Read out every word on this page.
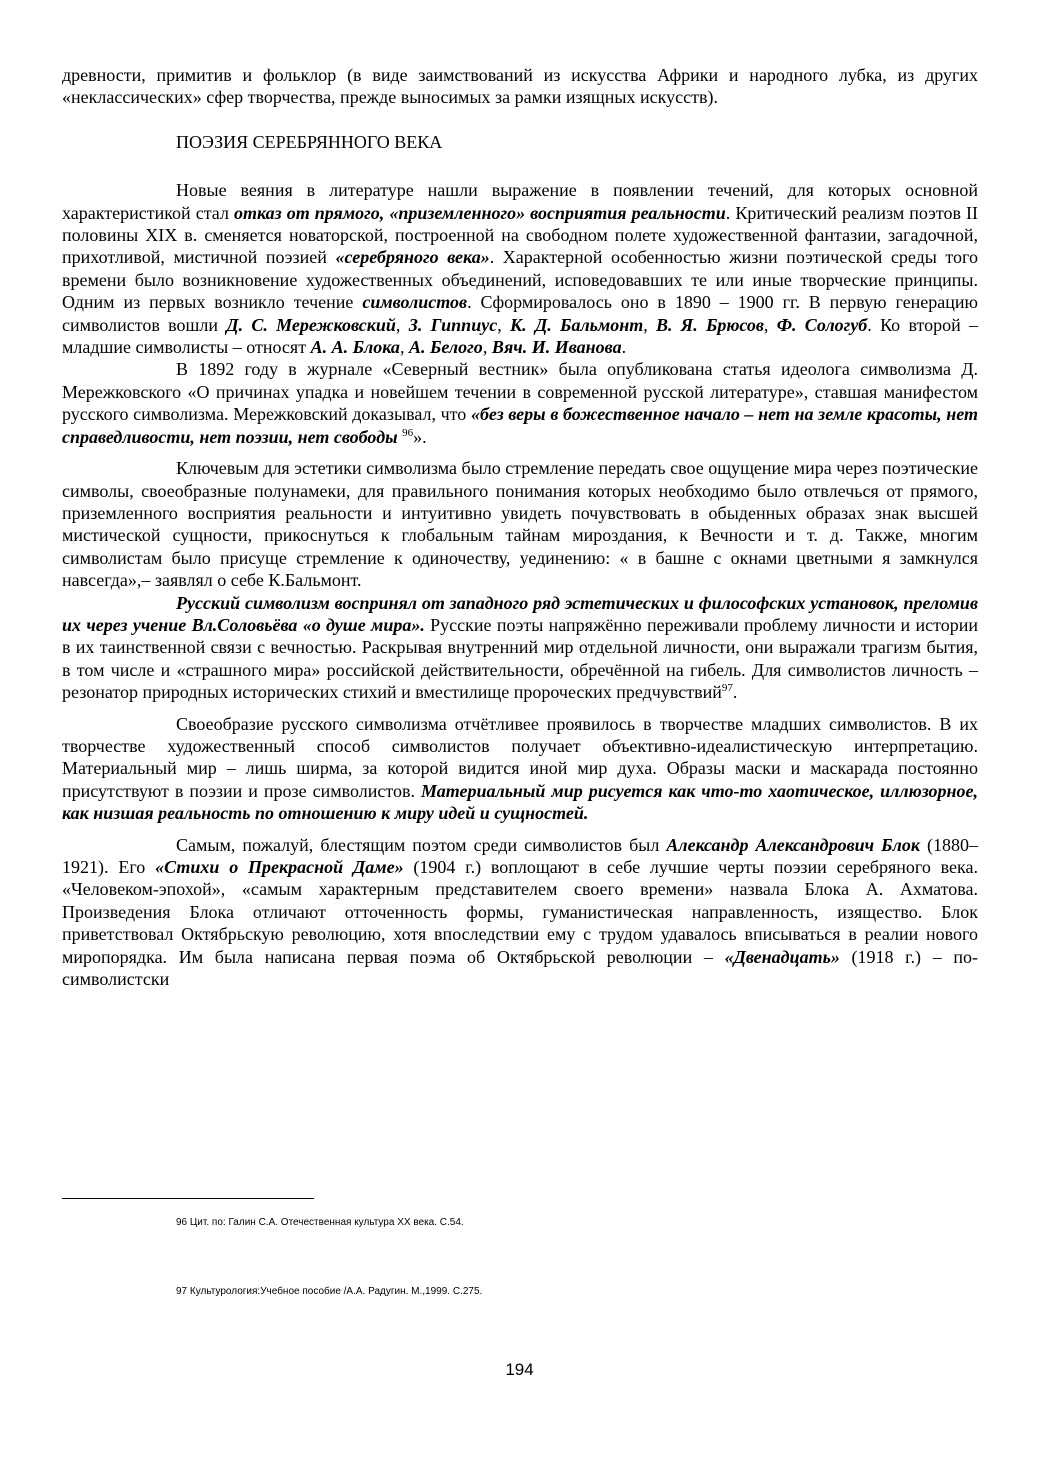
древности, примитив и фольклор (в виде заимствований из искусства Африки и народного лубка, из других «неклассических» сфер творчества, прежде выносимых за рамки изящных искусств).

ПОЭЗИЯ СЕРЕБРЯННОГО ВЕКА

Новые веяния в литературе нашли выражение в появлении течений, для которых основной характеристикой стал отказ от прямого, «приземленного» восприятия реальности. Критический реализм поэтов II половины XIX в. сменяется новаторской, построенной на свободном полете художественной фантазии, загадочной, прихотливой, мистичной поэзией «серебряного века». Характерной особенностью жизни поэтической среды того времени было возникновение художественных объединений, исповедовавших те или иные творческие принципы. Одним из первых возникло течение символистов. Сформировалось оно в 1890 – 1900 гг. В первую генерацию символистов вошли Д. С. Мережковский, З. Гиппиус, К. Д. Бальмонт, В. Я. Брюсов, Ф. Сологуб. Ко второй – младшие символисты – относят А. А. Блока, А. Белого, Вяч. И. Иванова.

В 1892 году в журнале «Северный вестник» была опубликована статья идеолога символизма Д. Мережковского «О причинах упадка и новейшем течении в современной русской литературе», ставшая манифестом русского символизма. Мережковский доказывал, что «без веры в божественное начало – нет на земле красоты, нет справедливости, нет поэзии, нет свободы $^{96}$».

Ключевым для эстетики символизма было стремление передать свое ощущение мира через поэтические символы, своеобразные полунамеки, для правильного понимания которых необходимо было отвлечься от прямого, приземленного восприятия реальности и интуитивно увидеть почувствовать в обыденных образах знак высшей мистической сущности, прикоснуться к глобальным тайнам мироздания, к Вечности и т. д. Также, многим символистам было присуще стремление к одиночеству, уединению: « в башне с окнами цветными я замкнулся навсегда»,– заявлял о себе К.Бальмонт.

Русский символизм воспринял от западного ряд эстетических и философских установок, преломив их через учение Вл.Соловьёва «о душе мира». Русские поэты напряжённо переживали проблему личности и истории в их таинственной связи с вечностью. Раскрывая внутренний мир отдельной личности, они выражали трагизм бытия, в том числе и «страшного мира» российской действительности, обречённой на гибель. Для символистов личность – резонатор природных исторических стихий и вместилище пророческих предчувствий$^{97}$.

Своеобразие русского символизма отчётливее проявилось в творчестве младших символистов. В их творчестве художественный способ символистов получает объективно-идеалистическую интерпретацию. Материальный мир – лишь ширма, за которой видится иной мир духа. Образы маски и маскарада постоянно присутствуют в поэзии и прозе символистов. Материальный мир рисуется как что-то хаотическое, иллюзорное, как низшая реальность по отношению к миру идей и сущностей.

Самым, пожалуй, блестящим поэтом среди символистов был Александр Александрович Блок (1880–1921). Его «Стихи о Прекрасной Даме» (1904 г.) воплощают в себе лучшие черты поэзии серебряного века. «Человеком-эпохой», «самым характерным представителем своего времени» назвала Блока А. Ахматова. Произведения Блока отличают отточенность формы, гуманистическая направленность, изящество. Блок приветствовал Октябрьскую революцию, хотя впоследствии ему с трудом удавалось вписываться в реалии нового миропорядка. Им была написана первая поэма об Октябрьской революции – «Двенадцать» (1918 г.) – по-символистски

96 Цит. по: Галин С.А. Отечественная культура XX века. С.54.
97 Культурология:Учебное пособие /А.А. Радугин. М.,1999. С.275.
194
